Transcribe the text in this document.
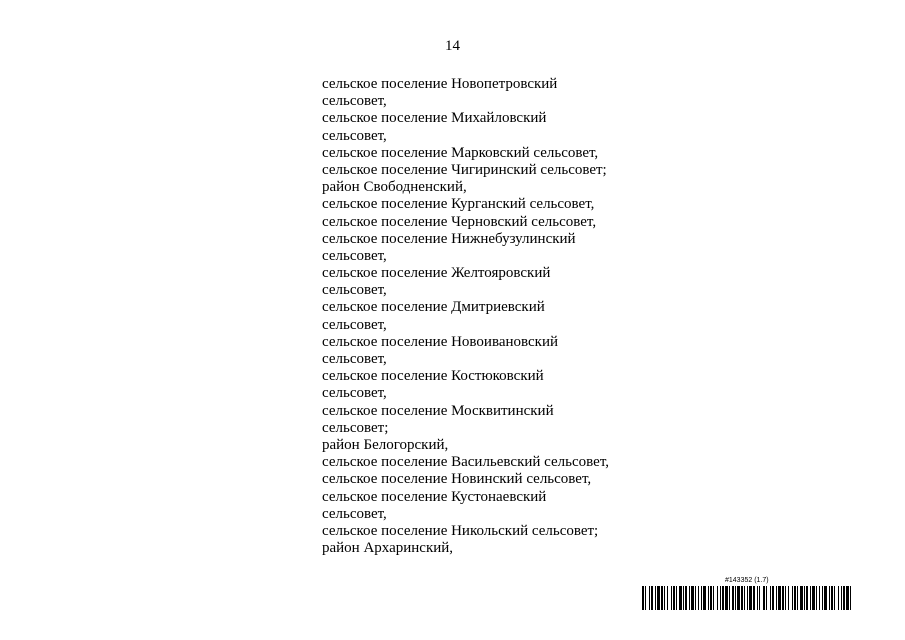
14
сельское поселение Новопетровский
сельсовет,
сельское поселение Михайловский
сельсовет,
сельское поселение Марковский сельсовет,
сельское поселение Чигиринский сельсовет;
район Свободненский,
сельское поселение Курганский сельсовет,
сельское поселение Черновский сельсовет,
сельское поселение Нижнебузулинский
сельсовет,
сельское поселение Желтояровский
сельсовет,
сельское поселение Дмитриевский
сельсовет,
сельское поселение Новоивановский
сельсовет,
сельское поселение Костюковский
сельсовет,
сельское поселение Москвитинский
сельсовет;
район Белогорский,
сельское поселение Васильевский сельсовет,
сельское поселение Новинский сельсовет,
сельское поселение Кустонаевский
сельсовет,
сельское поселение Никольский сельсовет;
район Архаринский,
#143352 (1.7)
